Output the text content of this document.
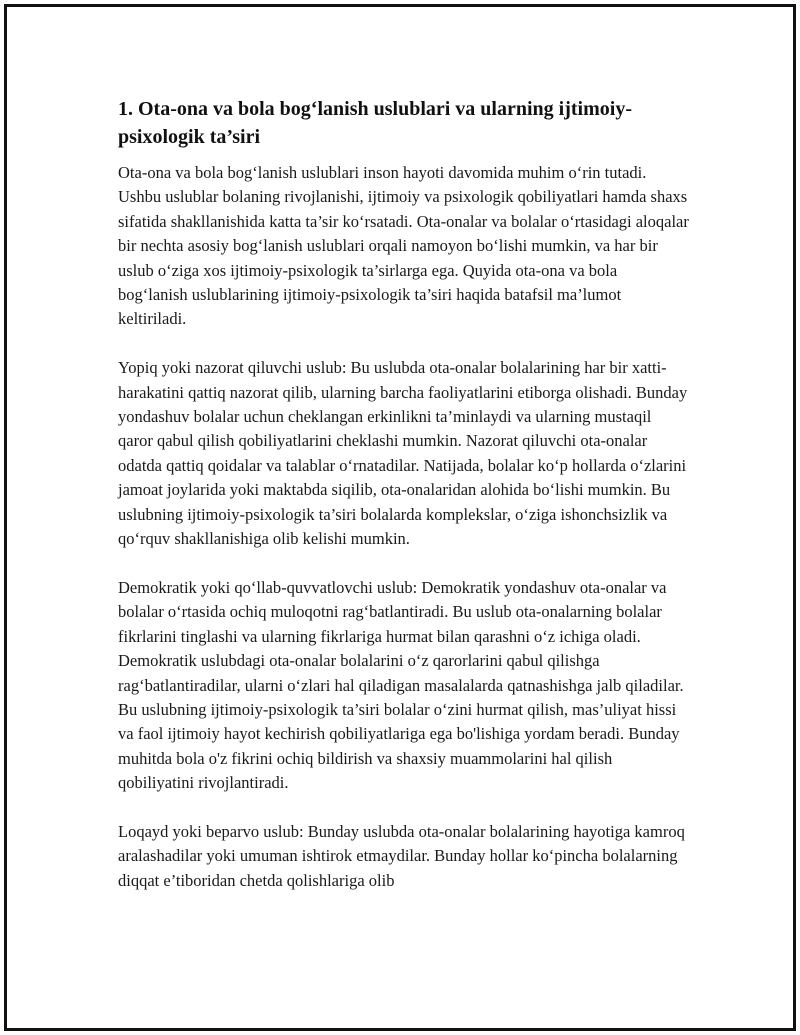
1. Ota-ona va bola bog‘lanish uslublari va ularning ijtimoiy-psixologik ta’siri

Ota-ona va bola bog‘lanish uslublari inson hayoti davomida muhim o‘rin tutadi. Ushbu uslublar bolaning rivojlanishi, ijtimoiy va psixologik qobiliyatlari hamda shaxs sifatida shakllanishida katta ta’sir ko‘rsatadi. Ota-onalar va bolalar o‘rtasidagi aloqalar bir nechta asosiy bog‘lanish uslublari orqali namoyon bo‘lishi mumkin, va har bir uslub o‘ziga xos ijtimoiy-psixologik ta’sirlarga ega. Quyida ota-ona va bola bog‘lanish uslublarining ijtimoiy-psixologik ta’siri haqida batafsil ma’lumot keltiriladi.

Yopiq yoki nazorat qiluvchi uslub: Bu uslubda ota-onalar bolalarining har bir xatti-harakatini qattiq nazorat qilib, ularning barcha faoliyatlarini etiborga olishadi. Bunday yondashuv bolalar uchun cheklangan erkinlikni ta’minlaydi va ularning mustaqil qaror qabul qilish qobiliyatlarini cheklashi mumkin. Nazorat qiluvchi ota-onalar odatda qattiq qoidalar va talablar o‘rnatadilar. Natijada, bolalar ko‘p hollarda o‘zlarini jamoat joylarida yoki maktabda siqilib, ota-onalaridan alohida bo‘lishi mumkin. Bu uslubning ijtimoiy-psixologik ta’siri bolalarda komplekslar, o‘ziga ishonchsizlik va qo‘rquv shakllanishiga olib kelishi mumkin.

Demokratik yoki qo‘llab-quvvatlovchi uslub: Demokratik yondashuv ota-onalar va bolalar o‘rtasida ochiq muloqotni rag‘batlantiradi. Bu uslub ota-onalarning bolalar fikrlarini tinglashi va ularning fikrlariga hurmat bilan qarashni o‘z ichiga oladi. Demokratik uslubdagi ota-onalar bolalarini o‘z qarorlarini qabul qilishga rag‘batlantiradilar, ularni o‘zlari hal qiladigan masalalarda qatnashishga jalb qiladilar. Bu uslubning ijtimoiy-psixologik ta’siri bolalar o‘zini hurmat qilish, mas’uliyat hissi va faol ijtimoiy hayot kechirish qobiliyatlariga ega bo'lishiga yordam beradi. Bunday muhitda bola o'z fikrini ochiq bildirish va shaxsiy muammolarini hal qilish qobiliyatini rivojlantiradi.

Loqayd yoki beparvo uslub: Bunday uslubda ota-onalar bolalarining hayotiga kamroq aralashadilar yoki umuman ishtirok etmaydilar. Bunday hollar ko‘pincha bolalarning diqqat e’tiboridan chetda qolishlariga olib
